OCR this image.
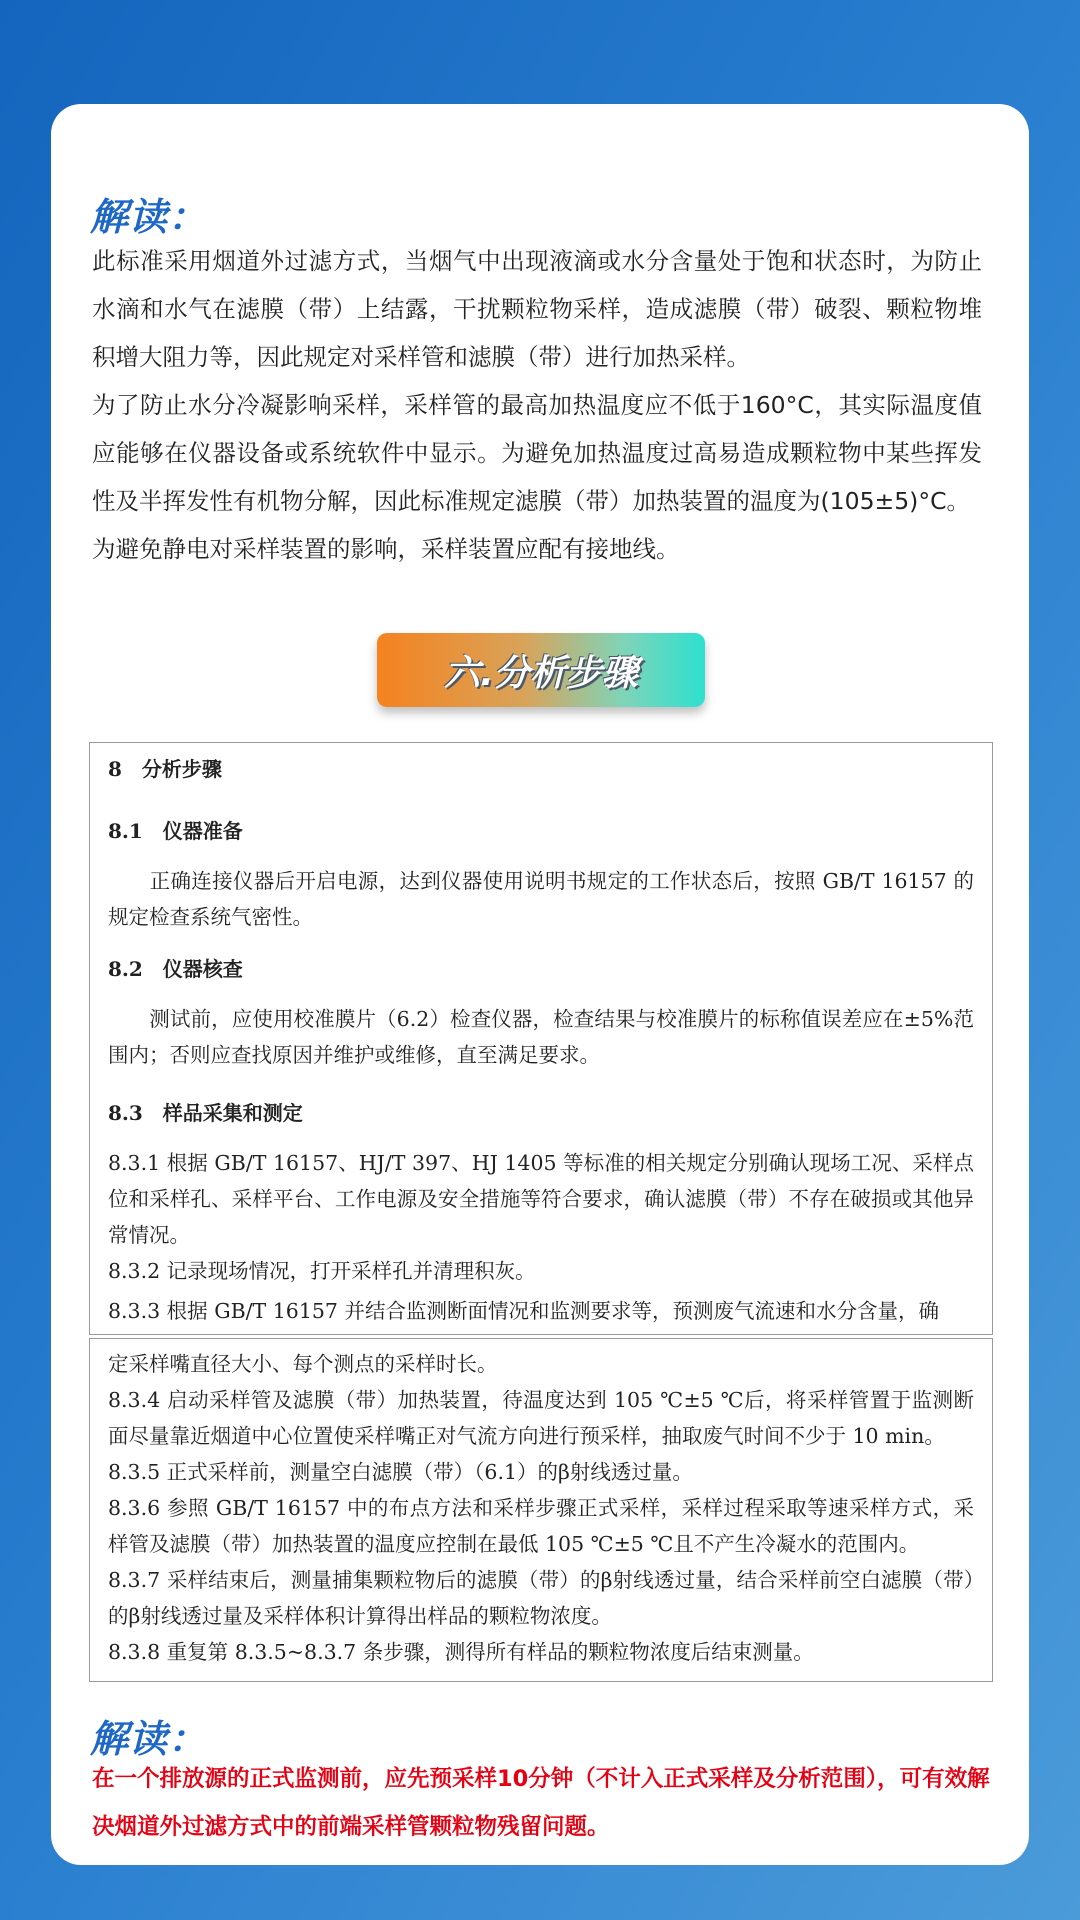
解读：

此标准采用烟道外过滤方式，当烟气中出现液滴或水分含量处于饱和状态时，为防止水滴和水气在滤膜（带）上结露，干扰颗粒物采样，造成滤膜（带）破裂、颗粒物堆积增大阻力等，因此规定对采样管和滤膜（带）进行加热采样。

为了防止水分冷凝影响采样，采样管的最高加热温度应不低于160°C，其实际温度值应能够在仪器设备或系统软件中显示。为避免加热温度过高易造成颗粒物中某些挥发性及半挥发性有机物分解，因此标准规定滤膜（带）加热装置的温度为(105±5)°C。

为避免静电对采样装置的影响，采样装置应配有接地线。

六.分析步骤
8　分析步骤
8.1　仪器准备
　　正确连接仪器后开启电源，达到仪器使用说明书规定的工作状态后，按照 GB/T 16157 的规定检查系统气密性。
8.2　仪器核查
　　测试前，应使用校准膜片（6.2）检查仪器，检查结果与校准膜片的标称值误差应在±5%范围内；否则应查找原因并维护或维修，直至满足要求。
8.3　样品采集和测定
8.3.1 根据 GB/T 16157、HJ/T 397、HJ 1405 等标准的相关规定分别确认现场工况、采样点位和采样孔、采样平台、工作电源及安全措施等符合要求，确认滤膜（带）不存在破损或其他异常情况。
8.3.2 记录现场情况，打开采样孔并清理积灰。
8.3.3 根据 GB/T 16157 并结合监测断面情况和监测要求等，预测废气流速和水分含量，确
定采样嘴直径大小、每个测点的采样时长。
8.3.4 启动采样管及滤膜（带）加热装置，待温度达到 105 ℃±5 ℃后，将采样管置于监测断面尽量靠近烟道中心位置使采样嘴正对气流方向进行预采样，抽取废气时间不少于 10 min。
8.3.5 正式采样前，测量空白滤膜（带）（6.1）的β射线透过量。
8.3.6 参照 GB/T 16157 中的布点方法和采样步骤正式采样，采样过程采取等速采样方式，采样管及滤膜（带）加热装置的温度应控制在最低 105 ℃±5 ℃且不产生冷凝水的范围内。
8.3.7 采样结束后，测量捕集颗粒物后的滤膜（带）的β射线透过量，结合采样前空白滤膜（带）的β射线透过量及采样体积计算得出样品的颗粒物浓度。
8.3.8 重复第 8.3.5~8.3.7 条步骤，测得所有样品的颗粒物浓度后结束测量。
解读：
在一个排放源的正式监测前，应先预采样10分钟（不计入正式采样及分析范围），可有效解决烟道外过滤方式中的前端采样管颗粒物残留问题。
